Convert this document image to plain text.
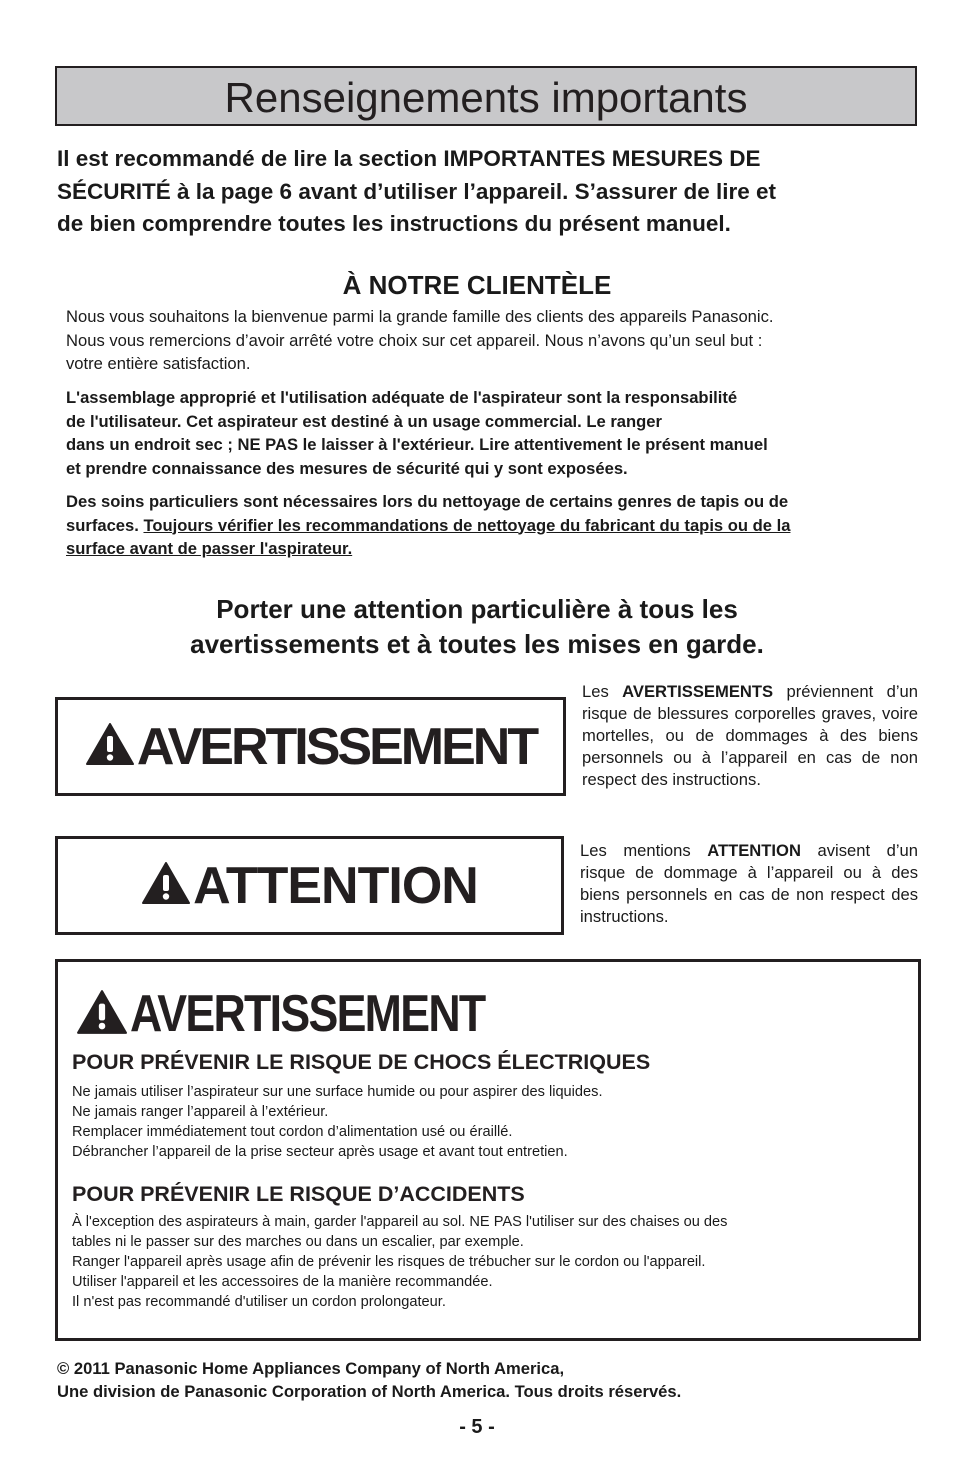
Renseignements importants
Il est recommandé de lire la section IMPORTANTES MESURES DE
SÉCURITÉ à la page 6 avant d’utiliser l’appareil. S’assurer de lire et
de bien comprendre toutes les instructions du présent manuel.
À NOTRE CLIENTÈLE
Nous vous souhaitons la bienvenue parmi la grande famille des clients des appareils Panasonic.
Nous vous remercions d’avoir arrêté votre choix sur cet appareil. Nous n’avons qu’un seul but :
votre entière satisfaction.
L'assemblage approprié et l'utilisation adéquate de l'aspirateur sont la responsabilité
de l'utilisateur. Cet aspirateur est destiné à un usage commercial. Le ranger
dans un endroit sec ; NE PAS le laisser à l'extérieur. Lire attentivement le présent manuel
et prendre connaissance des mesures de sécurité qui y sont exposées.
Des soins particuliers sont nécessaires lors du nettoyage de certains genres de tapis ou de
surfaces. Toujours vérifier les recommandations de nettoyage du fabricant du tapis ou de la
surface avant de passer l'aspirateur.
Porter une attention particulière à tous les
avertissements et à toutes les mises en garde.
AVERTISSEMENT
Les AVERTISSEMENTS préviennent d’un risque de blessures corporelles graves, voire mortelles, ou de dommages à des biens personnels ou à l’appareil en cas de non respect des instructions.
ATTENTION
Les mentions ATTENTION avisent d’un risque de dommage à l’appareil ou à des biens personnels en cas de non respect des instructions.
AVERTISSEMENT
POUR PRÉVENIR LE RISQUE DE CHOCS ÉLECTRIQUES
Ne jamais utiliser l’aspirateur sur une surface humide ou pour aspirer des liquides.
Ne jamais ranger l’appareil à l’extérieur.
Remplacer immédiatement tout cordon d’alimentation usé ou éraillé.
Débrancher l’appareil de la prise secteur après usage et avant tout entretien.
POUR PRÉVENIR LE RISQUE D’ACCIDENTS
À l'exception des aspirateurs à main, garder l'appareil au sol. NE PAS l'utiliser sur des chaises ou des
tables ni le passer sur des marches ou dans un escalier, par exemple.
Ranger l'appareil après usage afin de prévenir les risques de trébucher sur le cordon ou l'appareil.
Utiliser l'appareil et les accessoires de la manière recommandée.
Il n'est pas recommandé d'utiliser un cordon prolongateur.
© 2011 Panasonic Home Appliances Company of North America,
Une division de Panasonic Corporation of North America. Tous droits réservés.
- 5 -
